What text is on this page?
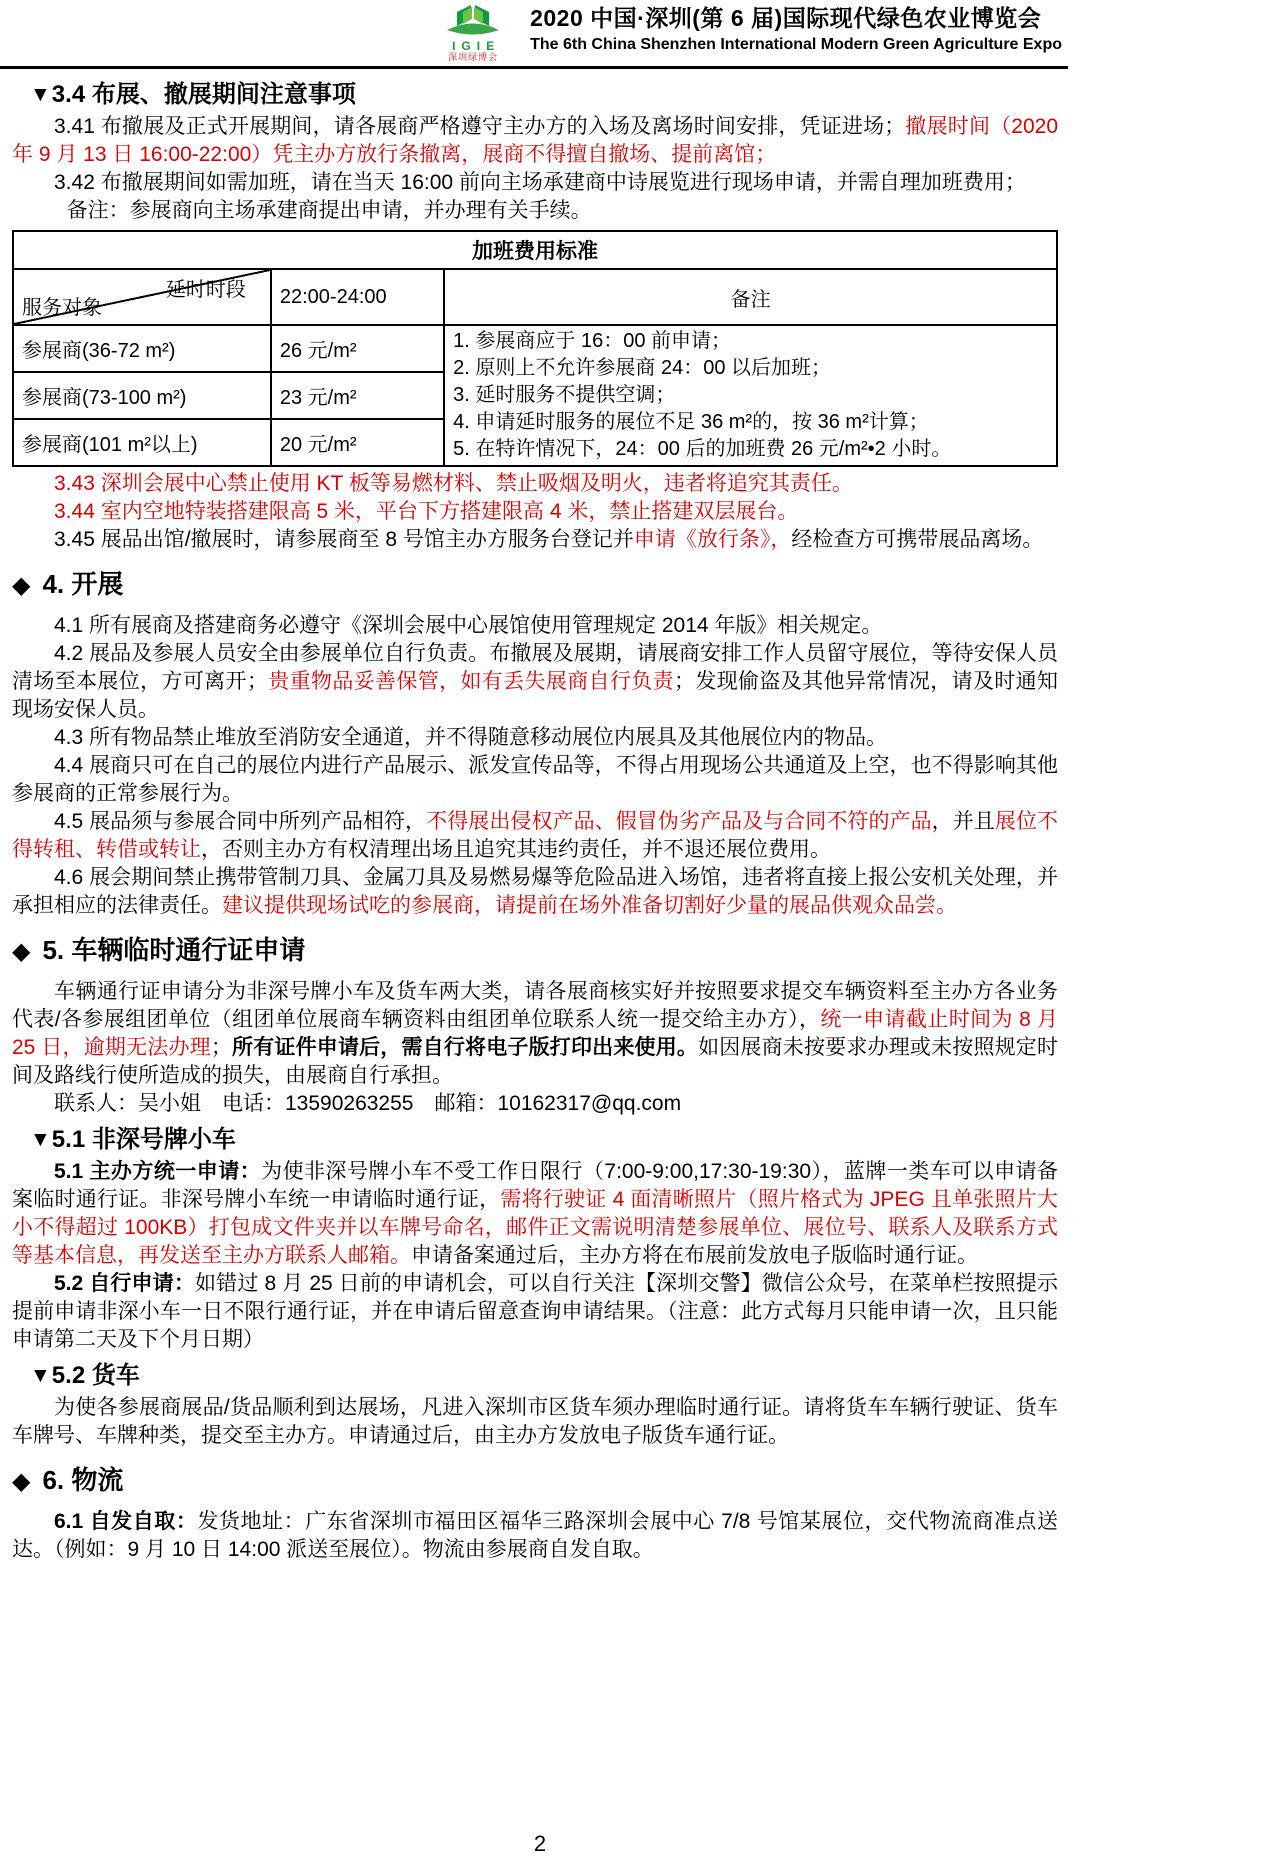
IGIE
深圳绿博会
2020 中国·深圳(第 6 届)国际现代绿色农业博览会
The 6th China Shenzhen International Modern Green Agriculture Expo
▼3.4 布展、撤展期间注意事项

3.41 布撤展及正式开展期间，请各展商严格遵守主办方的入场及离场时间安排，凭证进场；撤展时间（2020 年 9 月 13 日 16:00-22:00）凭主办方放行条撤离，展商不得擅自撤场、提前离馆；

3.42 布撤展期间如需加班，请在当天 16:00 前向主场承建商中诗展览进行现场申请，并需自理加班费用；

备注：参展商向主场承建商提出申请，并办理有关手续。

加班费用标准		

延时时段
服务对象	22:00-24:00	备注
参展商(36-72 m²)	26 元/m²	1. 参展商应于 16：00 前申请；
2. 原则上不允许参展商 24：00 以后加班；
3. 延时服务不提供空调；
4. 申请延时服务的展位不足 36 m²的，按 36 m²计算；
5. 在特许情况下，24：00 后的加班费 26 元/m²•2 小时。

参展商(73-100 m²)	23 元/m²	
参展商(101 m²以上)	20 元/m²	

3.43 深圳会展中心禁止使用 KT 板等易燃材料、禁止吸烟及明火，违者将追究其责任。

3.44 室内空地特装搭建限高 5 米，平台下方搭建限高 4 米，禁止搭建双层展台。

3.45 展品出馆/撤展时，请参展商至 8 号馆主办方服务台登记并申请《放行条》，经检查方可携带展品离场。

◆ 4. 开展

4.1 所有展商及搭建商务必遵守《深圳会展中心展馆使用管理规定 2014 年版》相关规定。

4.2 展品及参展人员安全由参展单位自行负责。布撤展及展期，请展商安排工作人员留守展位，等待安保人员清场至本展位，方可离开；贵重物品妥善保管，如有丢失展商自行负责；发现偷盗及其他异常情况，请及时通知现场安保人员。

4.3 所有物品禁止堆放至消防安全通道，并不得随意移动展位内展具及其他展位内的物品。

4.4 展商只可在自己的展位内进行产品展示、派发宣传品等，不得占用现场公共通道及上空，也不得影响其他参展商的正常参展行为。

4.5 展品须与参展合同中所列产品相符，不得展出侵权产品、假冒伪劣产品及与合同不符的产品，并且展位不得转租、转借或转让，否则主办方有权清理出场且追究其违约责任，并不退还展位费用。

4.6 展会期间禁止携带管制刀具、金属刀具及易燃易爆等危险品进入场馆，违者将直接上报公安机关处理，并承担相应的法律责任。建议提供现场试吃的参展商，请提前在场外准备切割好少量的展品供观众品尝。

◆ 5. 车辆临时通行证申请

车辆通行证申请分为非深号牌小车及货车两大类，请各展商核实好并按照要求提交车辆资料至主办方各业务代表/各参展组团单位（组团单位展商车辆资料由组团单位联系人统一提交给主办方），统一申请截止时间为 8 月 25 日，逾期无法办理；所有证件申请后，需自行将电子版打印出来使用。如因展商未按要求办理或未按照规定时间及路线行使所造成的损失，由展商自行承担。

联系人：吴小姐　电话：13590263255　邮箱：10162317@qq.com

▼5.1 非深号牌小车

5.1 主办方统一申请：为使非深号牌小车不受工作日限行（7:00-9:00,17:30-19:30），蓝牌一类车可以申请备案临时通行证。非深号牌小车统一申请临时通行证，需将行驶证 4 面清晰照片（照片格式为 JPEG 且单张照片大小不得超过 100KB）打包成文件夹并以车牌号命名，邮件正文需说明清楚参展单位、展位号、联系人及联系方式等基本信息，再发送至主办方联系人邮箱。申请备案通过后，主办方将在布展前发放电子版临时通行证。

5.2 自行申请：如错过 8 月 25 日前的申请机会，可以自行关注【深圳交警】微信公众号，在菜单栏按照提示提前申请非深小车一日不限行通行证，并在申请后留意查询申请结果。（注意：此方式每月只能申请一次，且只能申请第二天及下个月日期）

▼5.2 货车

为使各参展商展品/货品顺利到达展场，凡进入深圳市区货车须办理临时通行证。请将货车车辆行驶证、货车车牌号、车牌种类，提交至主办方。申请通过后，由主办方发放电子版货车通行证。

◆ 6. 物流

6.1 自发自取：发货地址：广东省深圳市福田区福华三路深圳会展中心 7/8 号馆某展位，交代物流商准点送达。（例如：9 月 10 日 14:00 派送至展位）。物流由参展商自发自取。

2
